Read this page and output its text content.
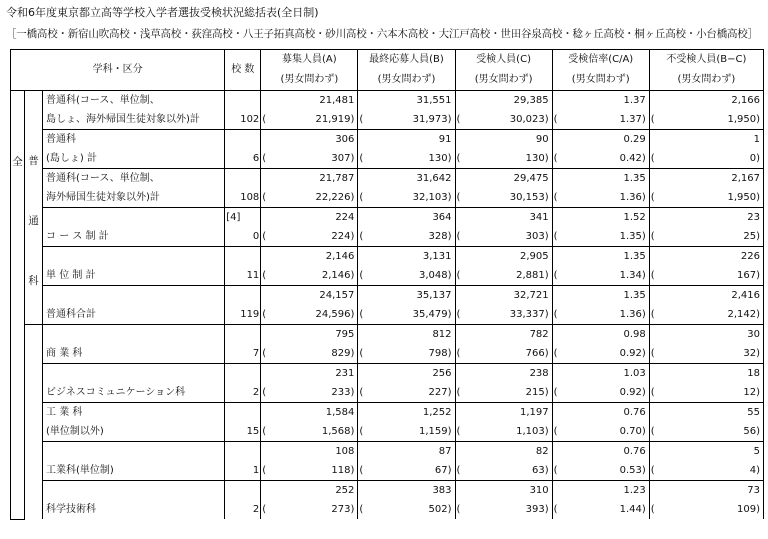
令和6年度東京都立高等学校入学者選抜受検状況総括表(全日制)
［一橋高校・新宿山吹高校・浅草高校・荻窪高校・八王子拓真高校・砂川高校・六本木高校・大江戸高校・世田谷泉高校・稔ヶ丘高校・桐ヶ丘高校・小台橋高校］
学科・区分			校 数	募集人員(A)		最終応募人員(B)		受検人員(C)		受検倍率(C/A)		不受検人員(B−C)	
				(男女問わず)		(男女問わず)		(男女問わず)		(男女問わず)		(男女問わず)	
全	普
通
科	普通科(コース、単位制、			21,481		31,551		29,385		1.37		2,166
		島しょ、海外帰国生徒対象以外)計	102	(	21,919)	(	31,973)	(	30,023)	(	1.37)	(	1,950)
		普通科			306		91		90		0.29		1
		(島しょ) 計	6	(	307)	(	130)	(	130)	(	0.42)	(	0)
		普通科(コース、単位制、			21,787		31,642		29,475		1.35		2,167
		海外帰国生徒対象以外)計	108	(	22,226)	(	32,103)	(	30,153)	(	1.36)	(	1,950)
			[4]		224		364		341		1.52		23
		コ ー ス 制 計	0	(	224)	(	328)	(	303)	(	1.35)	(	25)
					2,146		3,131		2,905		1.35		226
		単 位 制 計	11	(	2,146)	(	3,048)	(	2,881)	(	1.34)	(	167)
					24,157		35,137		32,721		1.35		2,416
		普通科合計	119	(	24,596)	(	35,479)	(	33,337)	(	1.36)	(	2,142)
					795		812		782		0.98		30
		商 業 科	7	(	829)	(	798)	(	766)	(	0.92)	(	32)
					231		256		238		1.03		18
		ビジネスコミュニケーション科	2	(	233)	(	227)	(	215)	(	0.92)	(	12)
		工 業 科			1,584		1,252		1,197		0.76		55
		(単位制以外)	15	(	1,568)	(	1,159)	(	1,103)	(	0.70)	(	56)
					108		87		82		0.76		5
		工業科(単位制)	1	(	118)	(	67)	(	63)	(	0.53)	(	4)
					252		383		310		1.23		73
		科学技術科	2	(	273)	(	502)	(	393)	(	1.44)	(	109)
